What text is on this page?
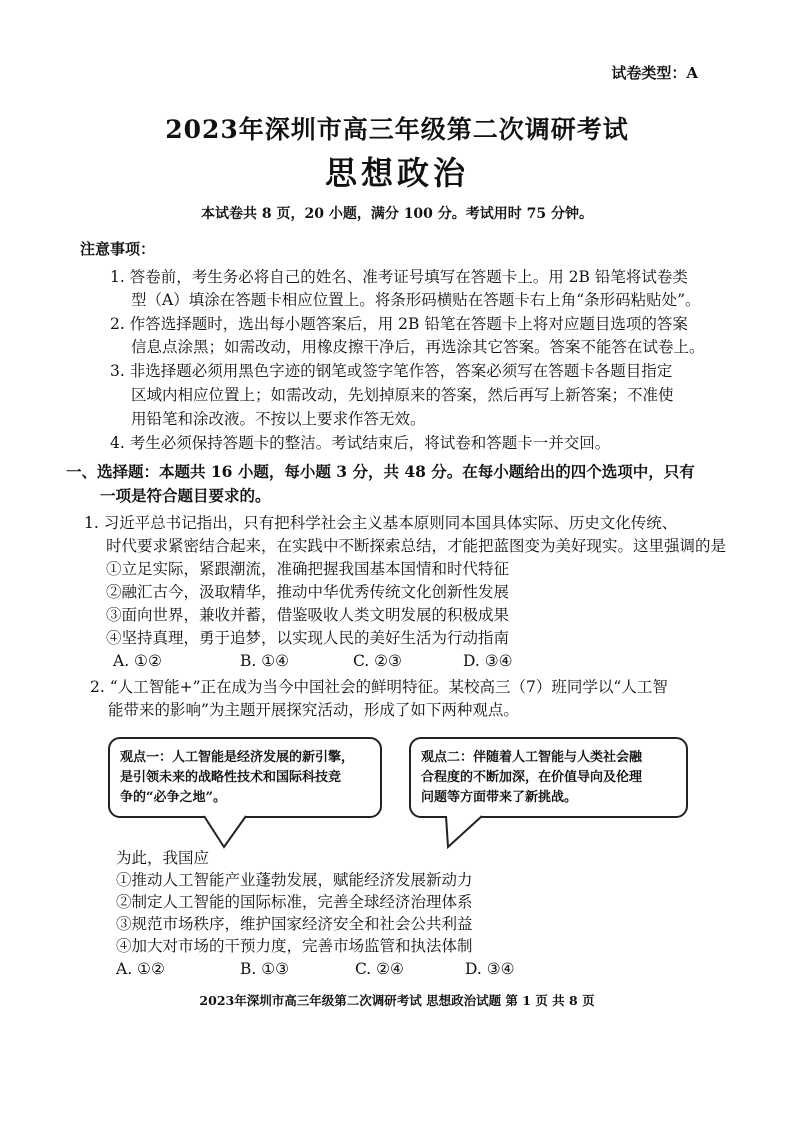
试卷类型：A
2023年深圳市高三年级第二次调研考试
思想政治
本试卷共 8 页，20 小题，满分 100 分。考试用时 75 分钟。
注意事项：
1. 答卷前，考生务必将自己的姓名、准考证号填写在答题卡上。用 2B 铅笔将试卷类
型（A）填涂在答题卡相应位置上。将条形码横贴在答题卡右上角“条形码粘贴处”。
2. 作答选择题时，选出每小题答案后，用 2B 铅笔在答题卡上将对应题目选项的答案
信息点涂黑；如需改动，用橡皮擦干净后，再选涂其它答案。答案不能答在试卷上。
3. 非选择题必须用黑色字迹的钢笔或签字笔作答，答案必须写在答题卡各题目指定
区域内相应位置上；如需改动，先划掉原来的答案，然后再写上新答案；不准使
用铅笔和涂改液。不按以上要求作答无效。
4. 考生必须保持答题卡的整洁。考试结束后，将试卷和答题卡一并交回。
一、选择题：本题共 16 小题，每小题 3 分，共 48 分。在每小题给出的四个选项中，只有
一项是符合题目要求的。
1. 习近平总书记指出，只有把科学社会主义基本原则同本国具体实际、历史文化传统、
时代要求紧密结合起来，在实践中不断探索总结，才能把蓝图变为美好现实。这里强调的是
①立足实际，紧跟潮流，准确把握我国基本国情和时代特征
②融汇古今，汲取精华，推动中华优秀传统文化创新性发展
③面向世界，兼收并蓄，借鉴吸收人类文明发展的积极成果
④坚持真理，勇于追梦，以实现人民的美好生活为行动指南
A. ①②	B. ①④	C. ②③	D. ③④
2. “人工智能+”正在成为当今中国社会的鲜明特征。某校高三（7）班同学以“人工智
能带来的影响”为主题开展探究活动，形成了如下两种观点。
观点一：人工智能是经济发展的新引擎，
是引领未来的战略性技术和国际科技竞
争的“必争之地”。
观点二：伴随着人工智能与人类社会融
合程度的不断加深，在价值导向及伦理
问题等方面带来了新挑战。
为此，我国应
①推动人工智能产业蓬勃发展，赋能经济发展新动力
②制定人工智能的国际标准，完善全球经济治理体系
③规范市场秩序，维护国家经济安全和社会公共利益
④加大对市场的干预力度，完善市场监管和执法体制
A. ①②	B. ①③	C. ②④	D. ③④
2023年深圳市高三年级第二次调研考试 思想政治试题 第 1 页 共 8 页
